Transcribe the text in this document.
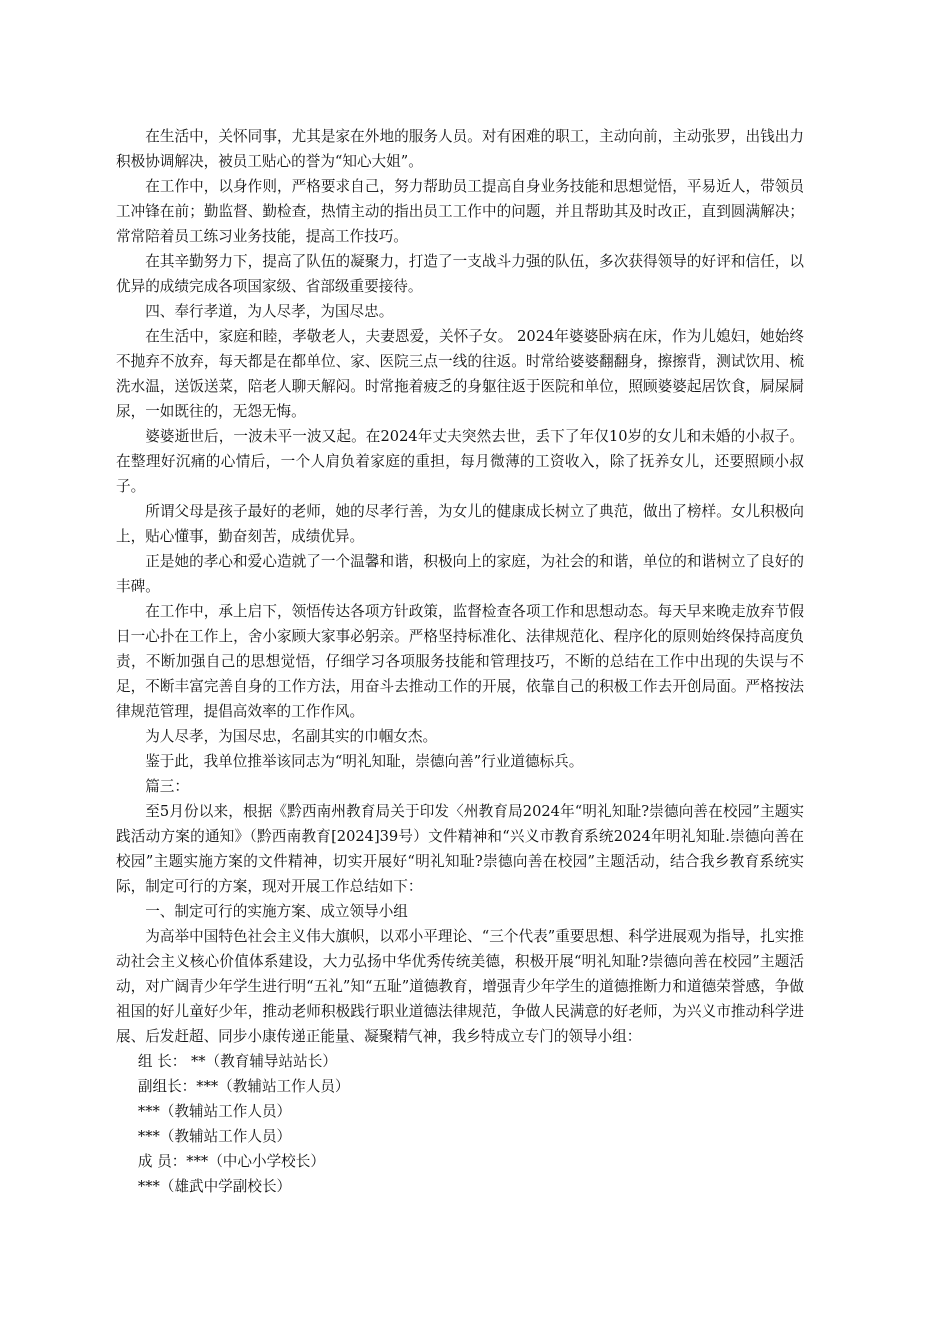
在生活中，关怀同事，尤其是家在外地的服务人员。对有困难的职工，主动向前，主动张罗，出钱出力积极协调解决，被员工贴心的誉为“知心大姐”。

在工作中，以身作则，严格要求自己，努力帮助员工提高自身业务技能和思想觉悟，平易近人，带领员工冲锋在前；勤监督、勤检查，热情主动的指出员工工作中的问题，并且帮助其及时改正，直到圆满解决；常常陪着员工练习业务技能，提高工作技巧。

在其辛勤努力下，提高了队伍的凝聚力，打造了一支战斗力强的队伍，多次获得领导的好评和信任，以优异的成绩完成各项国家级、省部级重要接待。

四、奉行孝道，为人尽孝，为国尽忠。

在生活中，家庭和睦，孝敬老人，夫妻恩爱，关怀子女。 2024年婆婆卧病在床，作为儿媳妇，她始终不抛弃不放弃，每天都是在都单位、家、医院三点一线的往返。时常给婆婆翻翻身，擦擦背，测试饮用、梳洗水温，送饭送菜，陪老人聊天解闷。时常拖着疲乏的身躯往返于医院和单位，照顾婆婆起居饮食，屙屎屙尿，一如既往的，无怨无悔。

婆婆逝世后，一波未平一波又起。在2024年丈夫突然去世，丢下了年仅10岁的女儿和未婚的小叔子。在整理好沉痛的心情后，一个人肩负着家庭的重担，每月微薄的工资收入，除了抚养女儿，还要照顾小叔子。

所谓父母是孩子最好的老师，她的尽孝行善，为女儿的健康成长树立了典范，做出了榜样。女儿积极向上，贴心懂事，勤奋刻苦，成绩优异。

正是她的孝心和爱心造就了一个温馨和谐，积极向上的家庭，为社会的和谐，单位的和谐树立了良好的丰碑。

在工作中，承上启下，领悟传达各项方针政策，监督检查各项工作和思想动态。每天早来晚走放弃节假日一心扑在工作上，舍小家顾大家事必躬亲。严格坚持标准化、法律规范化、程序化的原则始终保持高度负责，不断加强自己的思想觉悟，仔细学习各项服务技能和管理技巧，不断的总结在工作中出现的失误与不足，不断丰富完善自身的工作方法，用奋斗去推动工作的开展，依靠自己的积极工作去开创局面。严格按法律规范管理，提倡高效率的工作作风。

为人尽孝，为国尽忠，名副其实的巾帼女杰。

鉴于此，我单位推举该同志为“明礼知耻，崇德向善”行业道德标兵。

篇三：

至5月份以来，根据《黔西南州教育局关于印发〈州教育局2024年“明礼知耻?崇德向善在校园”主题实践活动方案的通知》（黔西南教育[2024]39号）文件精神和“兴义市教育系统2024年明礼知耻.崇德向善在校园”主题实施方案的文件精神，切实开展好“明礼知耻?崇德向善在校园”主题活动，结合我乡教育系统实际，制定可行的方案，现对开展工作总结如下：

一、制定可行的实施方案、成立领导小组

为高举中国特色社会主义伟大旗帜，以邓小平理论、“三个代表”重要思想、科学进展观为指导，扎实推动社会主义核心价值体系建设，大力弘扬中华优秀传统美德，积极开展“明礼知耻?崇德向善在校园”主题活动，对广阔青少年学生进行明“五礼”知“五耻”道德教育，增强青少年学生的道德推断力和道德荣誉感，争做祖国的好儿童好少年，推动老师积极践行职业道德法律规范，争做人民满意的好老师，为兴义市推动科学进展、后发赶超、同步小康传递正能量、凝聚精气神，我乡特成立专门的领导小组：

组 长： **（教育辅导站站长）

副组长：***（教辅站工作人员）

***（教辅站工作人员）

***（教辅站工作人员）

成 员：***（中心小学校长）

***（雄武中学副校长）
